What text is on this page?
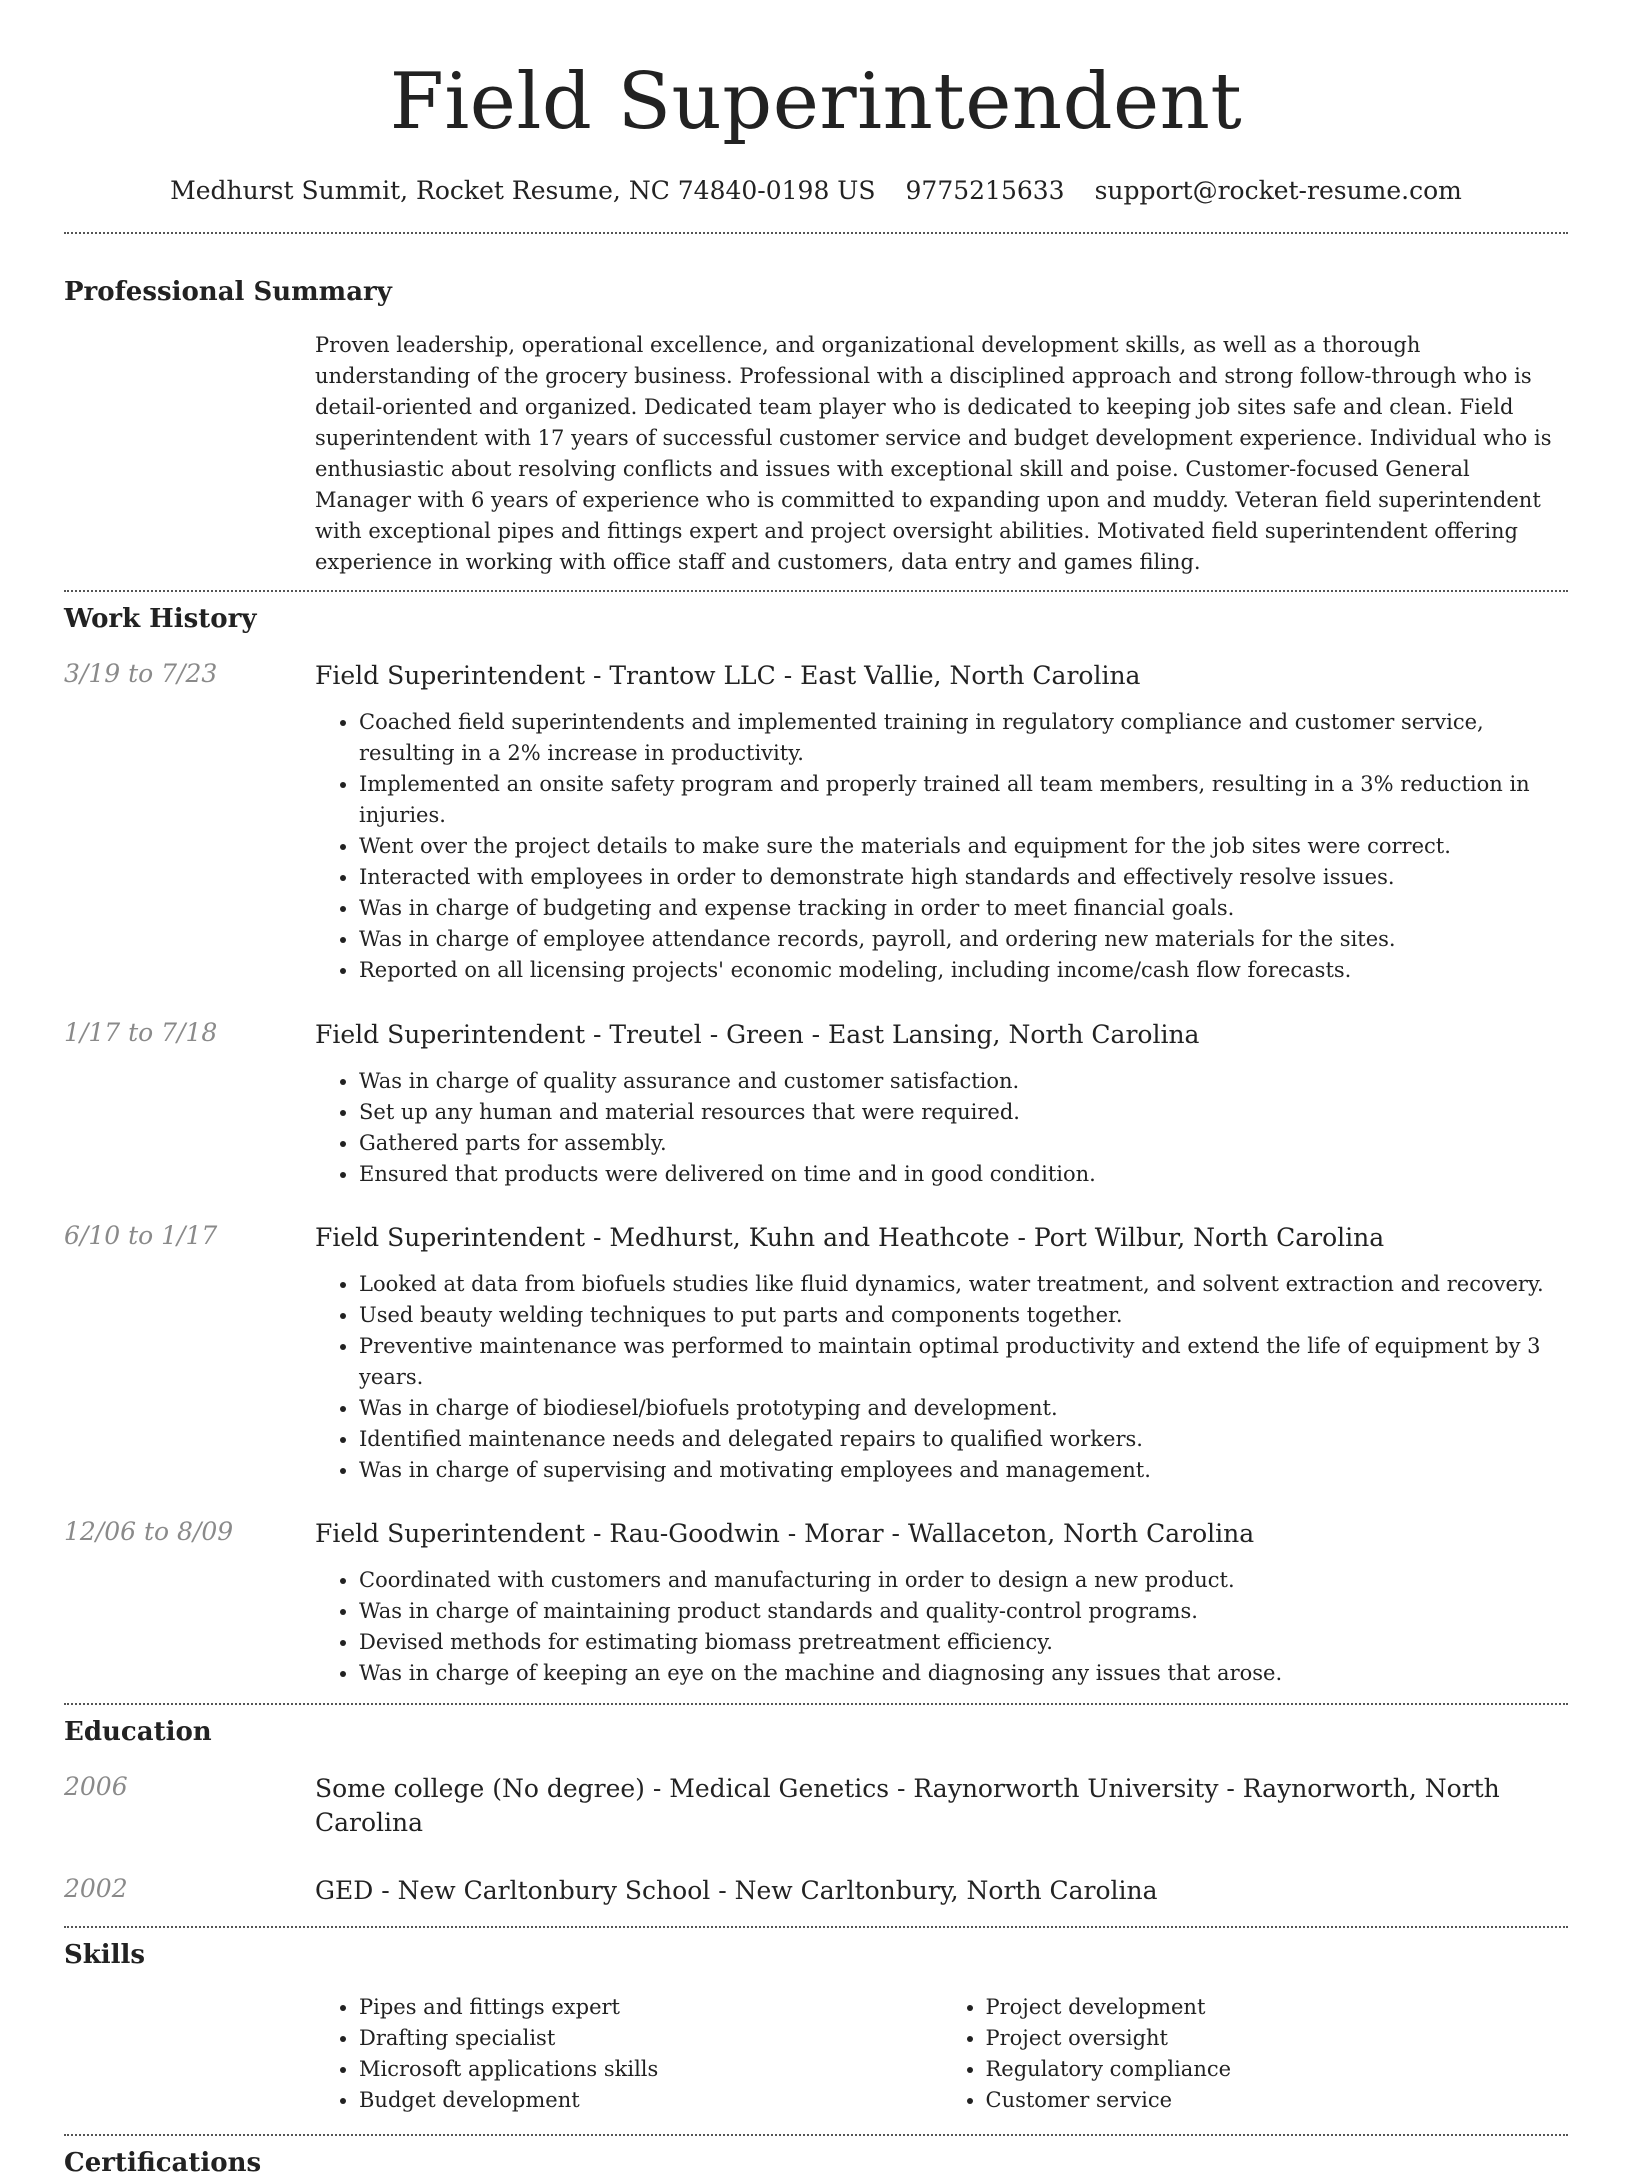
Field Superintendent
Medhurst Summit, Rocket Resume, NC 74840-0198 US 9775215633 support@rocket-resume.com
Professional Summary
Proven leadership, operational excellence, and organizational development skills, as well as a thorough understanding of the grocery business. Professional with a disciplined approach and strong follow-through who is detail-oriented and organized. Dedicated team player who is dedicated to keeping job sites safe and clean. Field superintendent with 17 years of successful customer service and budget development experience. Individual who is enthusiastic about resolving conflicts and issues with exceptional skill and poise. Customer-focused General Manager with 6 years of experience who is committed to expanding upon and muddy. Veteran field superintendent with exceptional pipes and fittings expert and project oversight abilities. Motivated field superintendent offering experience in working with office staff and customers, data entry and games filing.
Work History
3/19 to 7/23	Field Superintendent - Trantow LLC - East Vallie, North Carolina
• Coached field superintendents and implemented training in regulatory compliance and customer service, resulting in a 2% increase in productivity.
• Implemented an onsite safety program and properly trained all team members, resulting in a 3% reduction in injuries.
• Went over the project details to make sure the materials and equipment for the job sites were correct.
• Interacted with employees in order to demonstrate high standards and effectively resolve issues.
• Was in charge of budgeting and expense tracking in order to meet financial goals.
• Was in charge of employee attendance records, payroll, and ordering new materials for the sites.
• Reported on all licensing projects' economic modeling, including income/cash flow forecasts.
1/17 to 7/18	Field Superintendent - Treutel - Green - East Lansing, North Carolina
• Was in charge of quality assurance and customer satisfaction.
• Set up any human and material resources that were required.
• Gathered parts for assembly.
• Ensured that products were delivered on time and in good condition.
6/10 to 1/17	Field Superintendent - Medhurst, Kuhn and Heathcote - Port Wilbur, North Carolina
• Looked at data from biofuels studies like fluid dynamics, water treatment, and solvent extraction and recovery.
• Used beauty welding techniques to put parts and components together.
• Preventive maintenance was performed to maintain optimal productivity and extend the life of equipment by 3 years.
• Was in charge of biodiesel/biofuels prototyping and development.
• Identified maintenance needs and delegated repairs to qualified workers.
• Was in charge of supervising and motivating employees and management.
12/06 to 8/09	Field Superintendent - Rau-Goodwin - Morar - Wallaceton, North Carolina
• Coordinated with customers and manufacturing in order to design a new product.
• Was in charge of maintaining product standards and quality-control programs.
• Devised methods for estimating biomass pretreatment efficiency.
• Was in charge of keeping an eye on the machine and diagnosing any issues that arose.
Education
2006	Some college (No degree) - Medical Genetics - Raynorworth University - Raynorworth, North Carolina
2002	GED - New Carltonbury School - New Carltonbury, North Carolina
Skills
• Pipes and fittings expert
• Drafting specialist
• Microsoft applications skills
• Budget development
• Project development
• Project oversight
• Regulatory compliance
• Customer service
Certifications
